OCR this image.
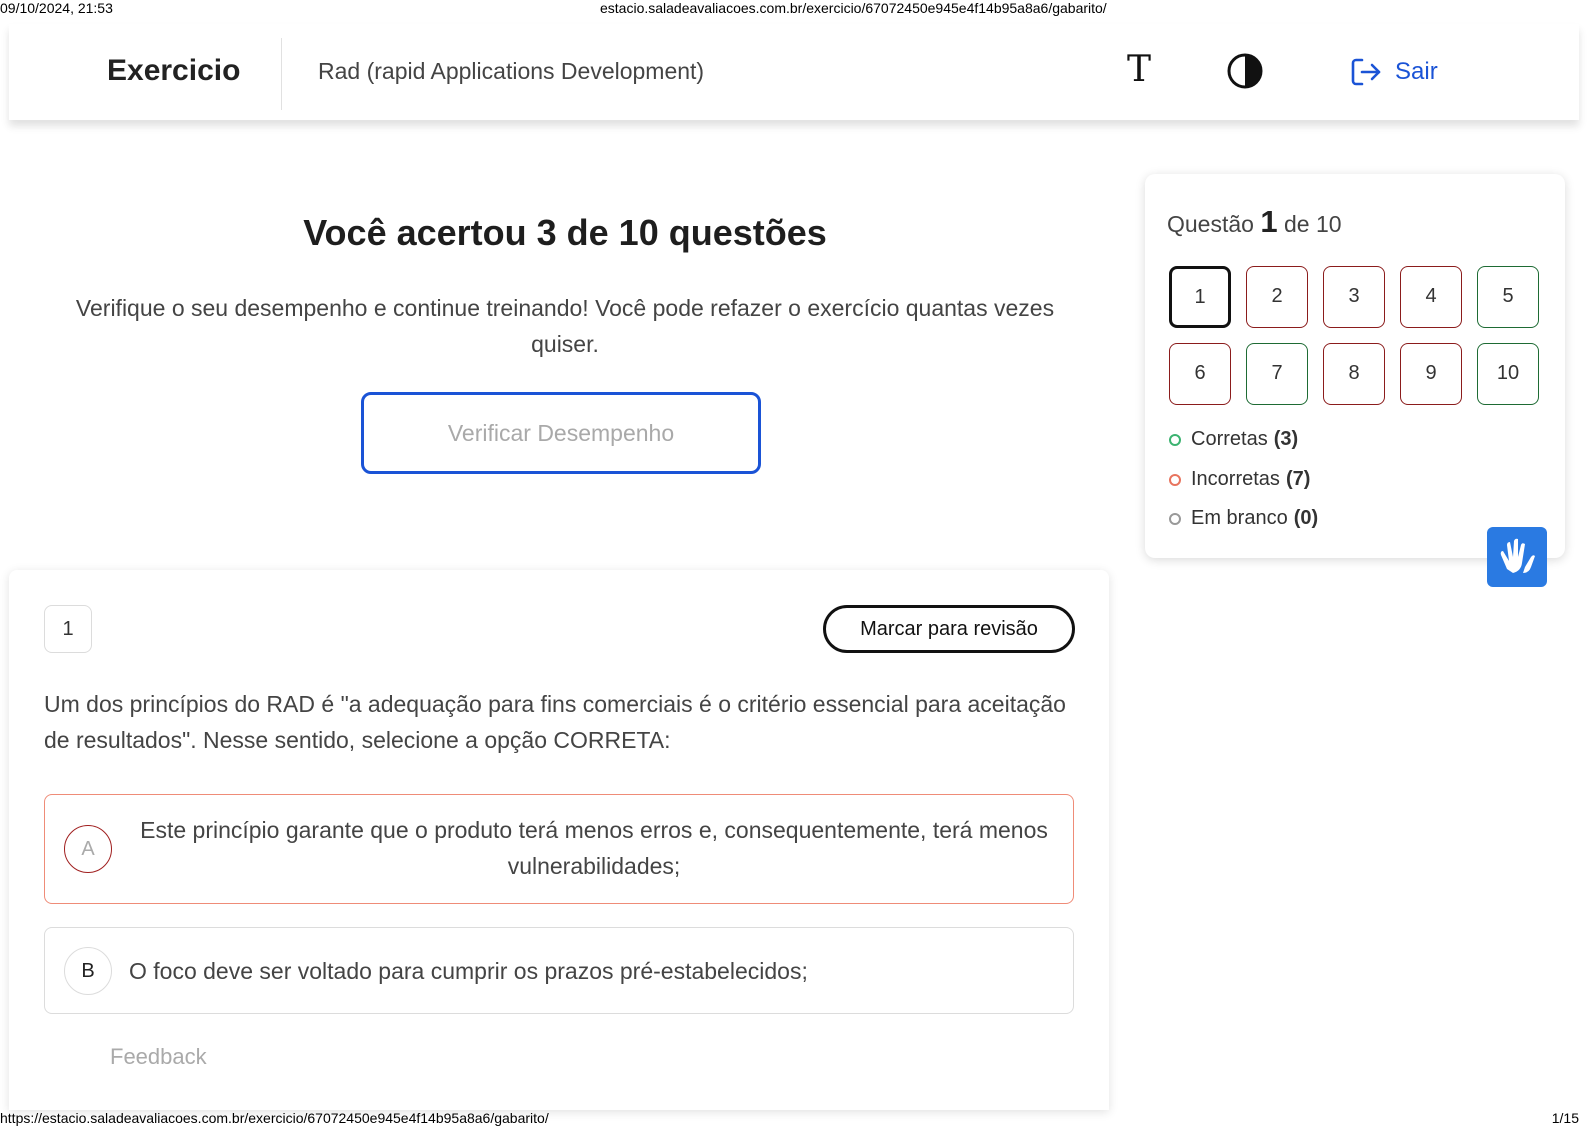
09/10/2024, 21:53	estacio.saladeavaliacoes.com.br/exercicio/67072450e945e4f14b95a8a6/gabarito/
Exercicio	Rad (rapid Applications Development)	T	Sair
Você acertou 3 de 10 questões
Verifique o seu desempenho e continue treinando! Você pode refazer o exercício quantas vezes quiser.
Verificar Desempenho
Questão 1 de 10
1	2	3	4	5
6	7	8	9	10
Corretas (3)
Incorretas (7)
Em branco (0)
1	Marcar para revisão
Um dos princípios do RAD é "a adequação para fins comerciais é o critério essencial para aceitação de resultados". Nesse sentido, selecione a opção CORRETA:
A
Este princípio garante que o produto terá menos erros e, consequentemente, terá menos vulnerabilidades;
B	O foco deve ser voltado para cumprir os prazos pré-estabelecidos;
Feedback
https://estacio.saladeavaliacoes.com.br/exercicio/67072450e945e4f14b95a8a6/gabarito/	1/15
